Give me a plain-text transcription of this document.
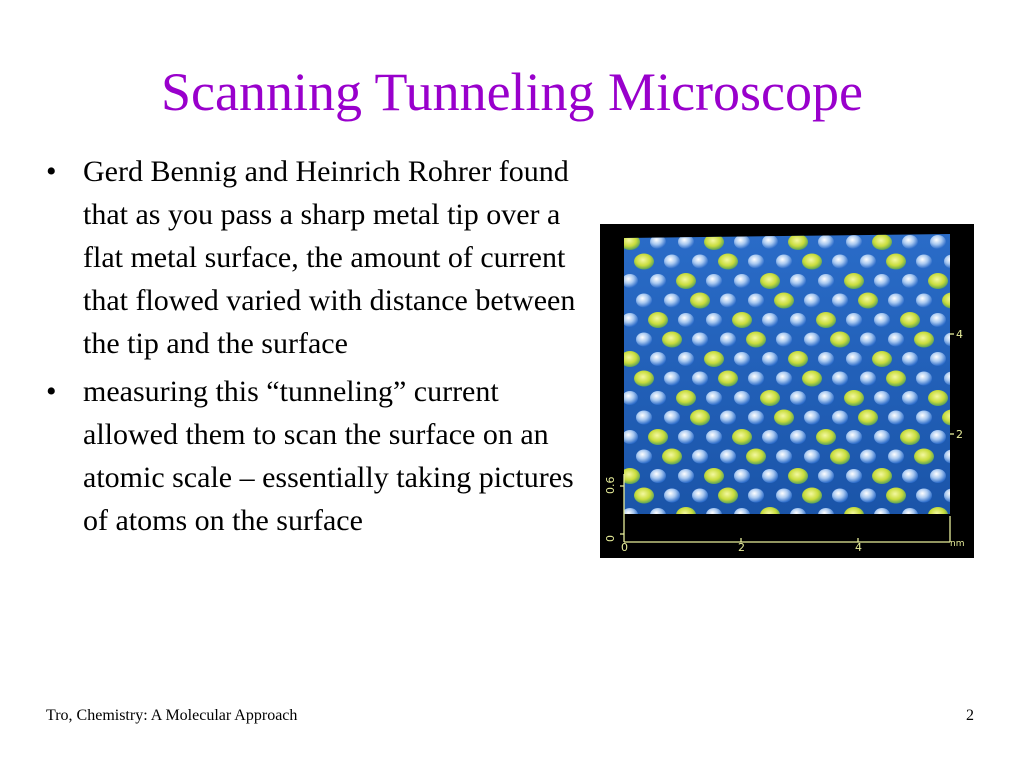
Scanning Tunneling Microscope
• Gerd Bennig and Heinrich Rohrer found that as you pass a sharp metal tip over a flat metal surface, the amount of current that flowed varied with distance between the tip and the surface
• measuring this “tunneling” current allowed them to scan the surface on an atomic scale – essentially taking pictures of atoms on the surface
0	2	4	nm
4
2
0
0.6
Tro, Chemistry: A Molecular Approach	2
